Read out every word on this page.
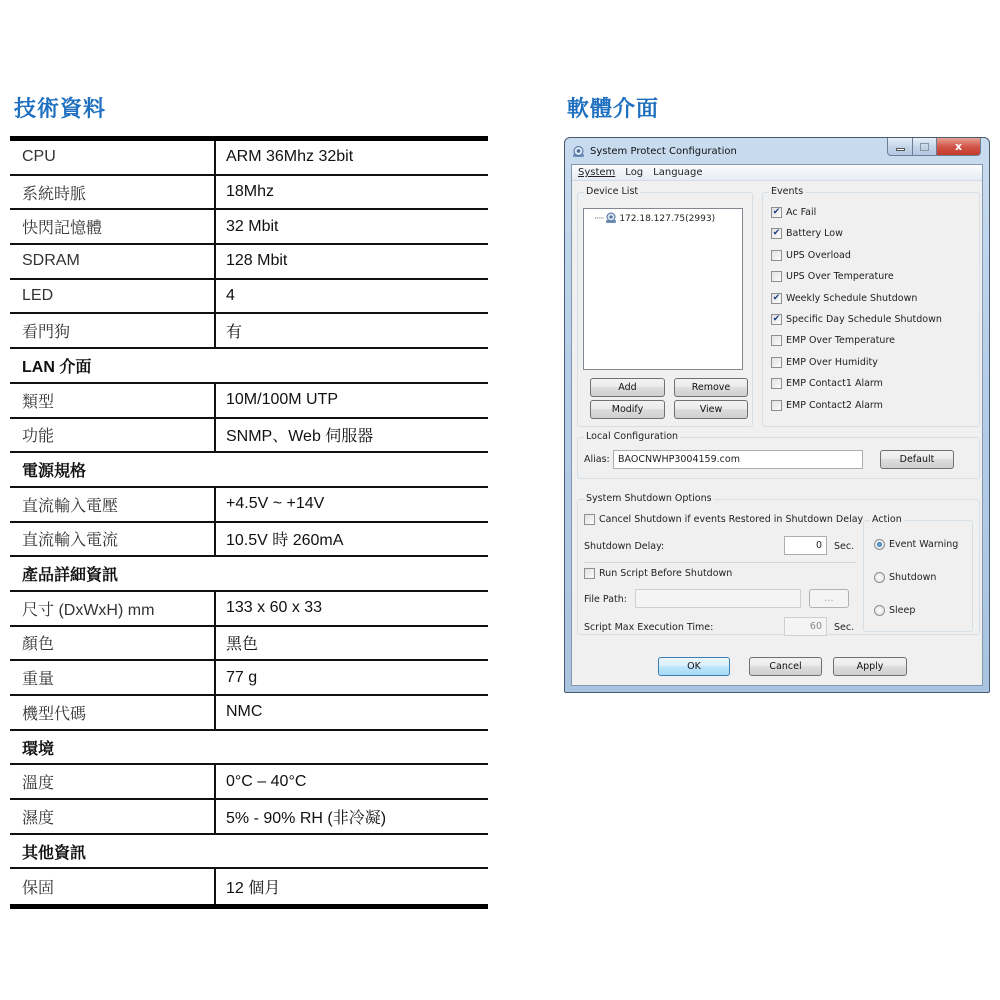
技術資料	軟體介面
CPU	ARM 36Mhz 32bit
系統時脈	18Mhz
快閃記憶體	32 Mbit
SDRAM	128 Mbit
LED	4
看門狗	有
LAN 介面
類型	10M/100M UTP
功能	SNMP、Web 伺服器
電源規格
直流輸入電壓	+4.5V ~ +14V
直流輸入電流	10.5V 時 260mA
產品詳細資訊
尺寸 (DxWxH) mm	133 x 60 x 33
顏色	黑色
重量	77 g
機型代碼	NMC
環境
溫度	0°C – 40°C
濕度	5% - 90% RH (非冷凝)
其他資訊
保固	12 個月
System Protect Configuration	x
System Log Language
Device List
····· 172.18.127.75(2993)
Add	Remove
Modify	View
Events
✔ Ac Fail
✔ Battery Low
UPS Overload
UPS Over Temperature
✔ Weekly Schedule Shutdown
✔ Specific Day Schedule Shutdown
EMP Over Temperature
EMP Over Humidity
EMP Contact1 Alarm
EMP Contact2 Alarm
Local Configuration
Alias: BAOCNWHP3004159.com	Default
System Shutdown Options
Cancel Shutdown if events Restored in Shutdown Delay
Shutdown Delay:	0	Sec.
Run Script Before Shutdown
File Path:	...
Script Max Execution Time:	60	Sec.
Action
Event Warning
Shutdown
Sleep
OK	Cancel	Apply
